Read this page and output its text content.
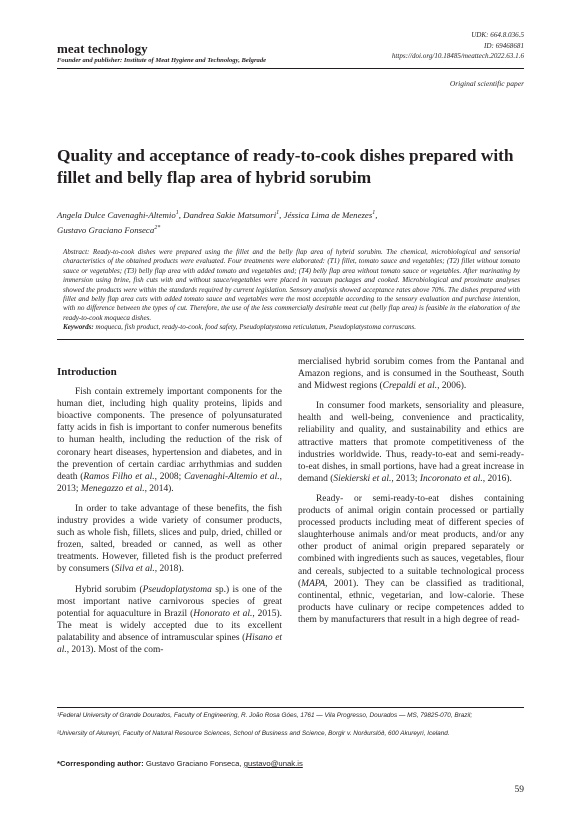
meat technology
Founder and publisher: Institute of Meat Hygiene and Technology, Belgrade
UDK: 664.8.036.5
ID: 69468681
https://doi.org/10.18485/meattech.2022.63.1.6
Original scientific paper
Quality and acceptance of ready-to-cook dishes prepared with fillet and belly flap area of hybrid sorubim
Angela Dulce Cavenaghi-Altemio$^1$, Dandrea Sakie Matsumori$^1$, Jéssica Lima de Menezes$^1$,
Gustavo Graciano Fonseca$^{2*}$
Abstract: Ready-to-cook dishes were prepared using the fillet and the belly flap area of hybrid sorubim. The chemical, microbiological and sensorial characteristics of the obtained products were evaluated. Four treatments were elaborated: (T1) fillet, tomato sauce and vegetables; (T2) fillet without tomato sauce or vegetables; (T3) belly flap area with added tomato and vegetables and; (T4) belly flap area without tomato sauce or vegetables. After marinating by immersion using brine, fish cuts with and without sauce/vegetables were placed in vacuum packages and cooked. Microbiological and proximate analyses showed the products were within the standards required by current legislation. Sensory analysis showed acceptance rates above 70%. The dishes prepared with fillet and belly flap area cuts with added tomato sauce and vegetables were the most acceptable according to the sensory evaluation and purchase intention, with no difference between the types of cut. Therefore, the use of the less commercially desirable meat cut (belly flap area) is feasible in the elaboration of the ready-to-cook moqueca dishes.
Keywords: moqueca, fish product, ready-to-cook, food safety, Pseudoplatystoma reticulatum, Pseudoplatystoma corruscans.

Introduction

Fish contain extremely important components for the human diet, including high quality proteins, lipids and bioactive components. The presence of polyunsaturated fatty acids in fish is important to confer numerous benefits to human health, including the reduction of the risk of coronary heart diseases, hypertension and diabetes, and in the prevention of certain cardiac arrhythmias and sudden death (Ramos Filho et al., 2008; Cavenaghi-Altemio et al., 2013; Menegazzo et al., 2014).

In order to take advantage of these benefits, the fish industry provides a wide variety of consumer products, such as whole fish, fillets, slices and pulp, dried, chilled or frozen, salted, breaded or canned, as well as other treatments. However, filleted fish is the product preferred by consumers (Silva et al., 2018).

Hybrid sorubim (Pseudoplatystoma sp.) is one of the most important native carnivorous species of great potential for aquaculture in Brazil (Honorato et al., 2015). The meat is widely accepted due to its excellent palatability and absence of intramuscular spines (Hisano et al., 2013). Most of the com-

mercialised hybrid sorubim comes from the Pantanal and Amazon regions, and is consumed in the Southeast, South and Midwest regions (Crepaldi et al., 2006).

In consumer food markets, sensoriality and pleasure, health and well-being, convenience and practicality, reliability and quality, and sustainability and ethics are attractive matters that promote competitiveness of the industries worldwide. Thus, ready-to-eat and semi-ready-to-eat dishes, in small portions, have had a great increase in demand (Siekierski et al., 2013; Incoronato et al., 2016).

Ready- or semi-ready-to-eat dishes containing products of animal origin contain processed or partially processed products including meat of different species of slaughterhouse animals and/or meat products, and/or any other product of animal origin prepared separately or combined with ingredients such as sauces, vegetables, flour and cereals, subjected to a suitable technological process (MAPA, 2001). They can be classified as traditional, continental, ethnic, vegetarian, and low-calorie. These products have culinary or recipe competences added to them by manufacturers that result in a high degree of read-

¹Federal University of Grande Dourados, Faculty of Engineering, R. João Rosa Góes, 1761 — Vila Progresso, Dourados — MS, 79825-070, Brazil;
²University of Akureyri, Faculty of Natural Resource Sciences, School of Business and Science, Borgir v. Norðurslóð, 600 Akureyri, Iceland.
*Corresponding author: Gustavo Graciano Fonseca, gustavo@unak.is
59
